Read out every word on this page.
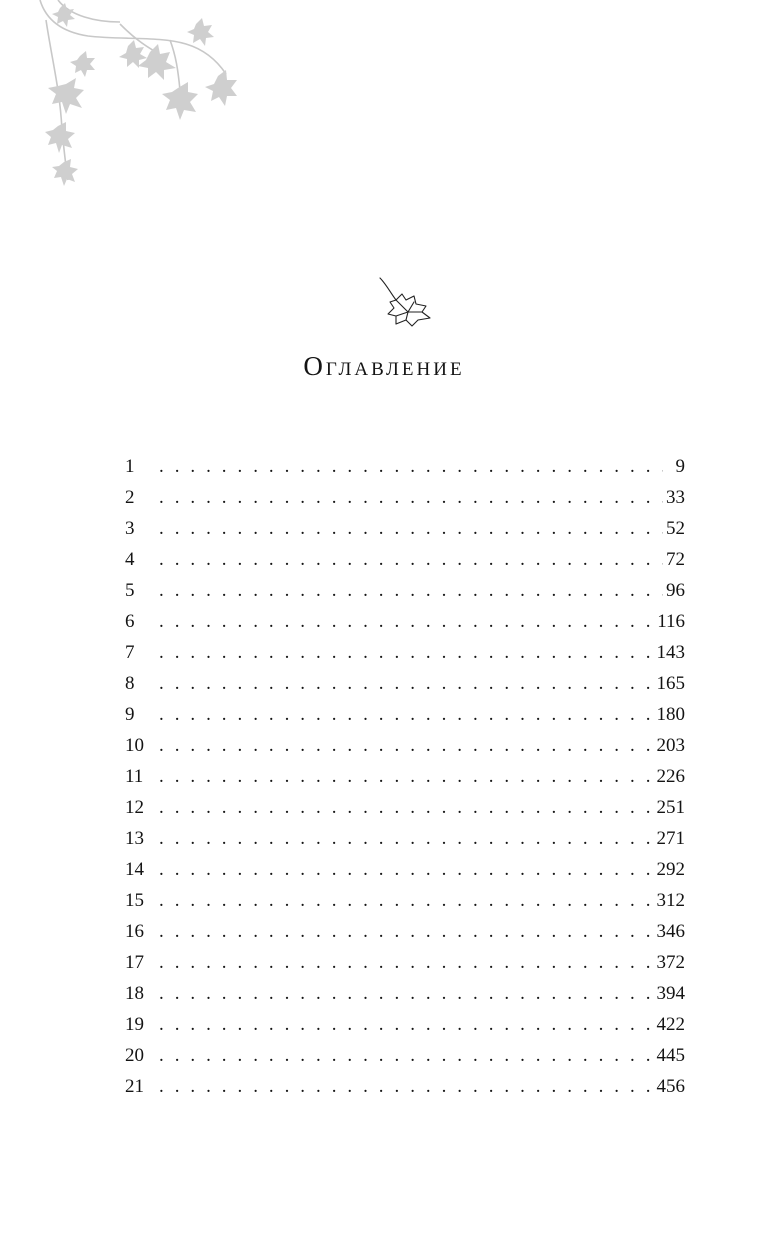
Оглавление
1 . . .	9
2 . . .	33
3 . . .	52
4 . . .	72
5 . . .	96
6 . . .	116
7 . . .	143
8 . . .	165
9 . . .	180
10 . . .	203
11 . . .	226
12 . . .	251
13 . . .	271
14 . . .	292
15 . . .	312
16 . . .	346
17 . . .	372
18 . . .	394
19 . . .	422
20 . . .	445
21 . . .	456
